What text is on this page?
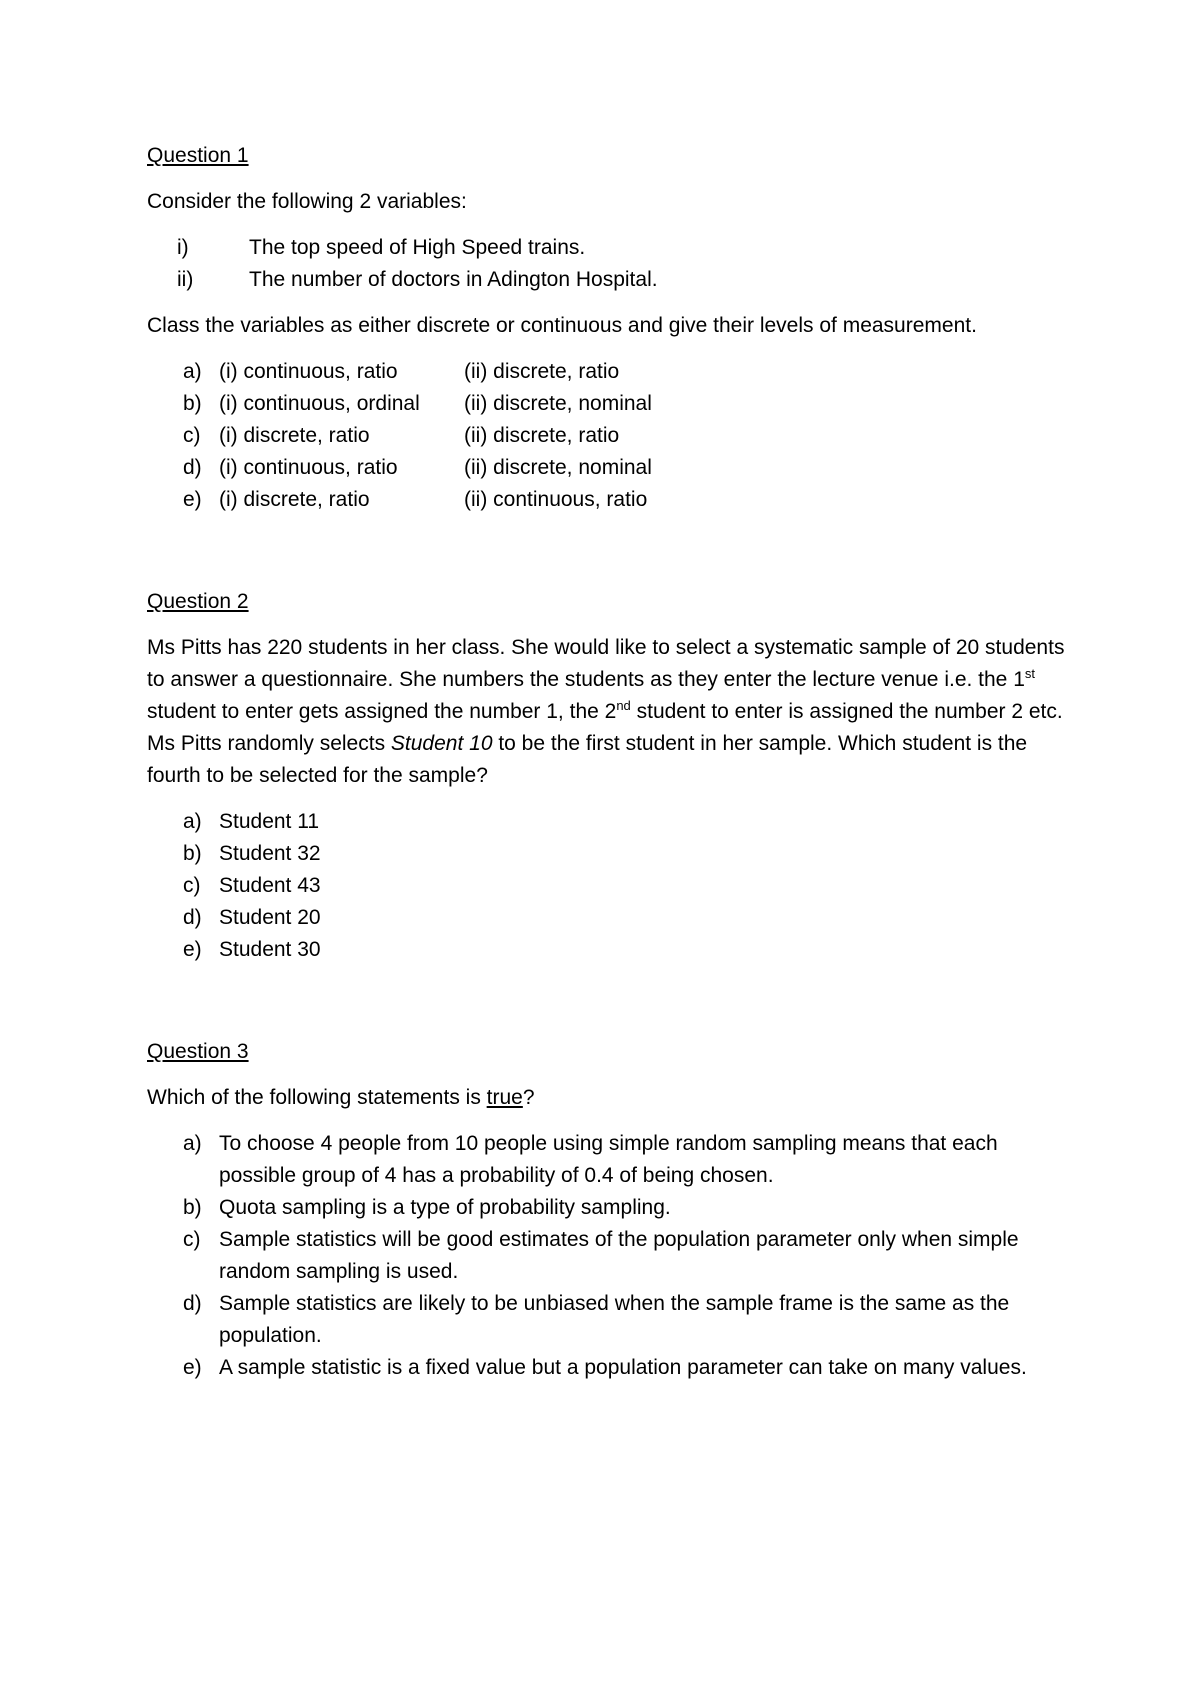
Question 1

Consider the following 2 variables:

i)	The top speed of High Speed trains.
ii)	The number of doctors in Adington Hospital.

Class the variables as either discrete or continuous and give their levels of measurement.

a) (i) continuous, ratio	(ii) discrete, ratio
b) (i) continuous, ordinal	(ii) discrete, nominal
c) (i) discrete, ratio	(ii) discrete, ratio
d) (i) continuous, ratio	(ii) discrete, nominal
e) (i) discrete, ratio	(ii) continuous, ratio

Question 2

Ms Pitts has 220 students in her class. She would like to select a systematic sample of 20 students to answer a questionnaire. She numbers the students as they enter the lecture venue i.e. the 1st student to enter gets assigned the number 1, the 2nd student to enter is assigned the number 2 etc. Ms Pitts randomly selects Student 10 to be the first student in her sample. Which student is the fourth to be selected for the sample?

a) Student 11
b) Student 32
c) Student 43
d) Student 20
e) Student 30

Question 3

Which of the following statements is true?

a) To choose 4 people from 10 people using simple random sampling means that each possible group of 4 has a probability of 0.4 of being chosen.
b) Quota sampling is a type of probability sampling.
c) Sample statistics will be good estimates of the population parameter only when simple random sampling is used.
d) Sample statistics are likely to be unbiased when the sample frame is the same as the population.
e) A sample statistic is a fixed value but a population parameter can take on many values.
